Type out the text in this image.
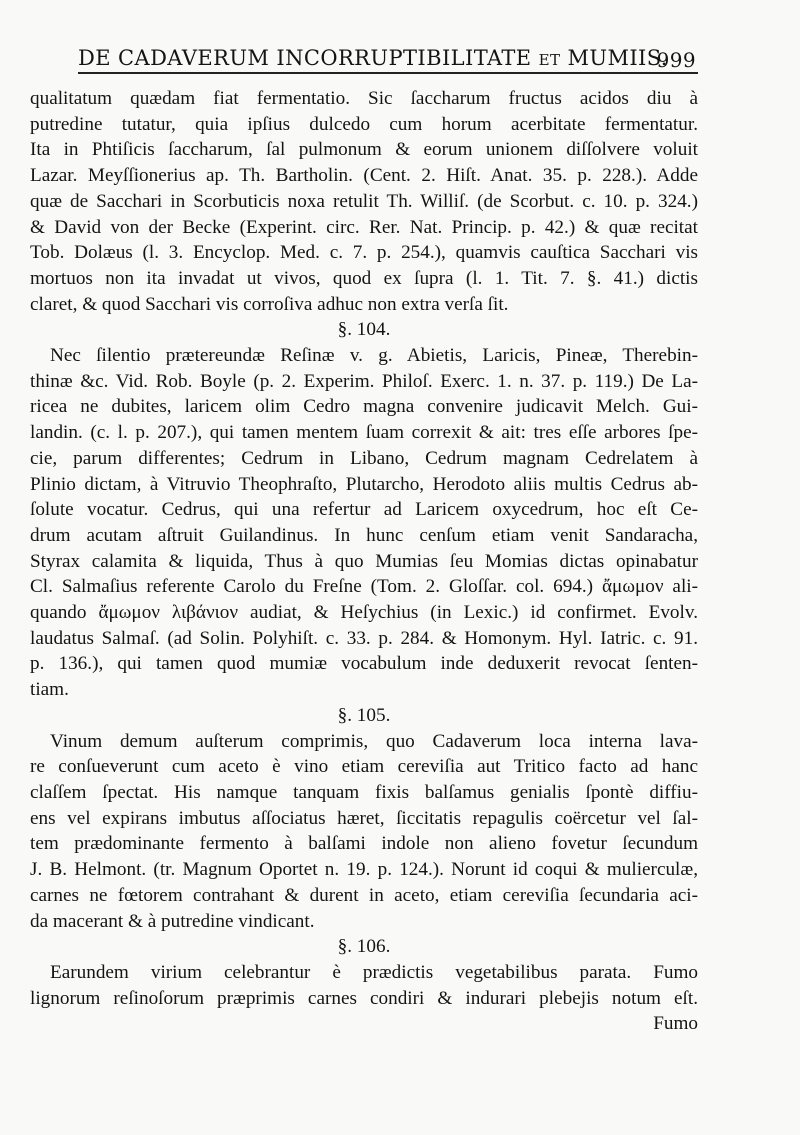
DE CADAVERUM INCORRUPTIBILITATE ET MUMIIS.
999
qualitatum quædam fiat fermentatio. Sic ſaccharum fructus acidos diu à
putredine tutatur, quia ipſius dulcedo cum horum acerbitate fermentatur.
Ita in Phtiſicis ſaccharum, ſal pulmonum & eorum unionem diſſolvere voluit
Lazar. Meyſſionerius ap. Th. Bartholin. (Cent. 2. Hiſt. Anat. 35. p. 228.). Adde
quæ de Sacchari in Scorbuticis noxa retulit Th. Williſ. (de Scorbut. c. 10. p. 324.)
& David von der Becke (Experint. circ. Rer. Nat. Princip. p. 42.) & quæ recitat
Tob. Dolæus (l. 3. Encyclop. Med. c. 7. p. 254.), quamvis cauſtica Sacchari vis
mortuos non ita invadat ut vivos, quod ex ſupra (l. 1. Tit. 7. §. 41.) dictis
claret, & quod Sacchari vis corroſiva adhuc non extra verſa ſit.
§. 104.
Nec ſilentio prætereundæ Reſinæ v. g. Abietis, Laricis, Pineæ, Therebin-
thinæ &c. Vid. Rob. Boyle (p. 2. Experim. Philoſ. Exerc. 1. n. 37. p. 119.) De La-
ricea ne dubites, laricem olim Cedro magna convenire judicavit Melch. Gui-
landin. (c. l. p. 207.), qui tamen mentem ſuam correxit & ait: tres eſſe arbores ſpe-
cie, parum differentes; Cedrum in Libano, Cedrum magnam Cedrelatem à
Plinio dictam, à Vitruvio Theophraſto, Plutarcho, Herodoto aliis multis Cedrus ab-
ſolute vocatur. Cedrus, qui una refertur ad Laricem oxycedrum, hoc eſt Ce-
drum acutam aſtruit Guilandinus. In hunc cenſum etiam venit Sandaracha,
Styrax calamita & liquida, Thus à quo Mumias ſeu Momias dictas opinabatur
Cl. Salmaſius referente Carolo du Freſne (Tom. 2. Gloſſar. col. 694.) ἄμωμον ali-
quando ἄμωμον λιβάνιον audiat, & Heſychius (in Lexic.) id confirmet. Evolv.
laudatus Salmaſ. (ad Solin. Polyhiſt. c. 33. p. 284. & Homonym. Hyl. Iatric. c. 91.
p. 136.), qui tamen quod mumiæ vocabulum inde deduxerit revocat ſenten-
tiam.
§. 105.
Vinum demum auſterum comprimis, quo Cadaverum loca interna lava-
re conſueverunt cum aceto è vino etiam cereviſia aut Tritico facto ad hanc
claſſem ſpectat. His namque tanquam fixis balſamus genialis ſpontè diffiu-
ens vel expirans imbutus aſſociatus hæret, ſiccitatis repagulis coërcetur vel ſal-
tem prædominante fermento à balſami indole non alieno fovetur ſecundum
J. B. Helmont. (tr. Magnum Oportet n. 19. p. 124.). Norunt id coqui & mulierculæ,
carnes ne fœtorem contrahant & durent in aceto, etiam cereviſia ſecundaria aci-
da macerant & à putredine vindicant.
§. 106.
Earundem virium celebrantur è prædictis vegetabilibus parata. Fumo
lignorum reſinoſorum præprimis carnes condiri & indurari plebejis notum eſt.
Fumo
